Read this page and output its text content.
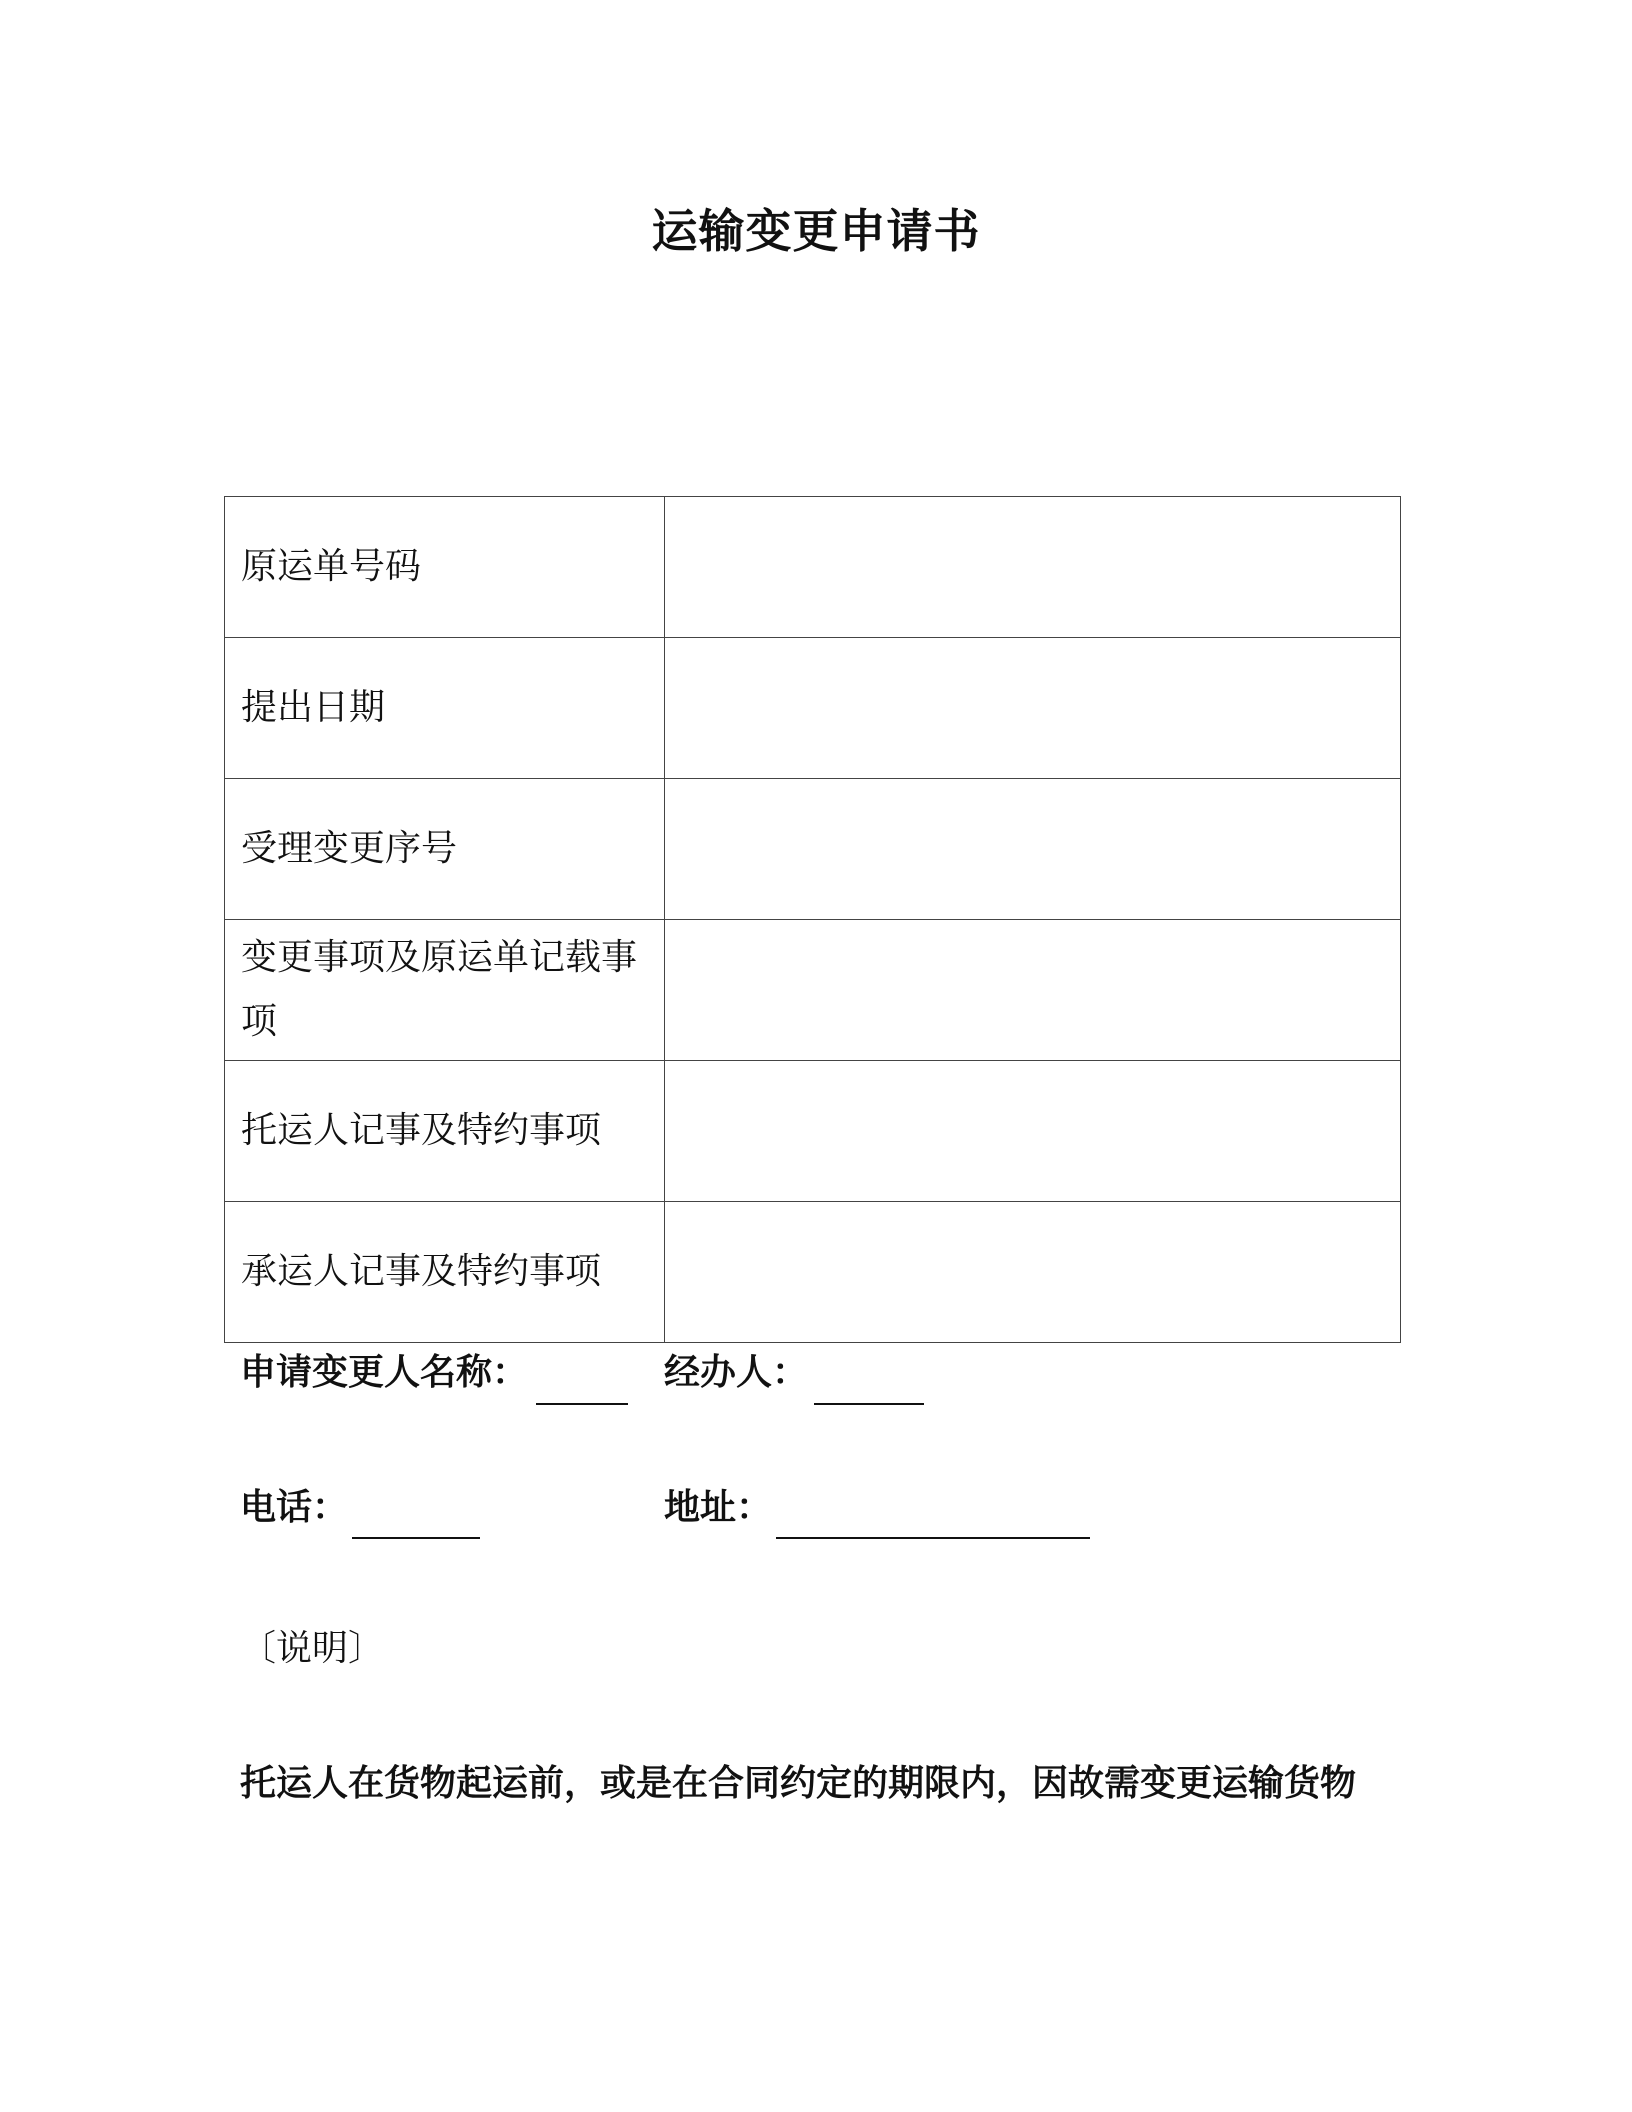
运输变更申请书
原运单号码	
提出日期	
受理变更序号	
变更事项及原运单记载事项	
托运人记事及特约事项	
承运人记事及特约事项	
申请变更人名称：	经办人：
电话：	地址：
〔说明〕
托运人在货物起运前，或是在合同约定的期限内，因故需变更运输货物
